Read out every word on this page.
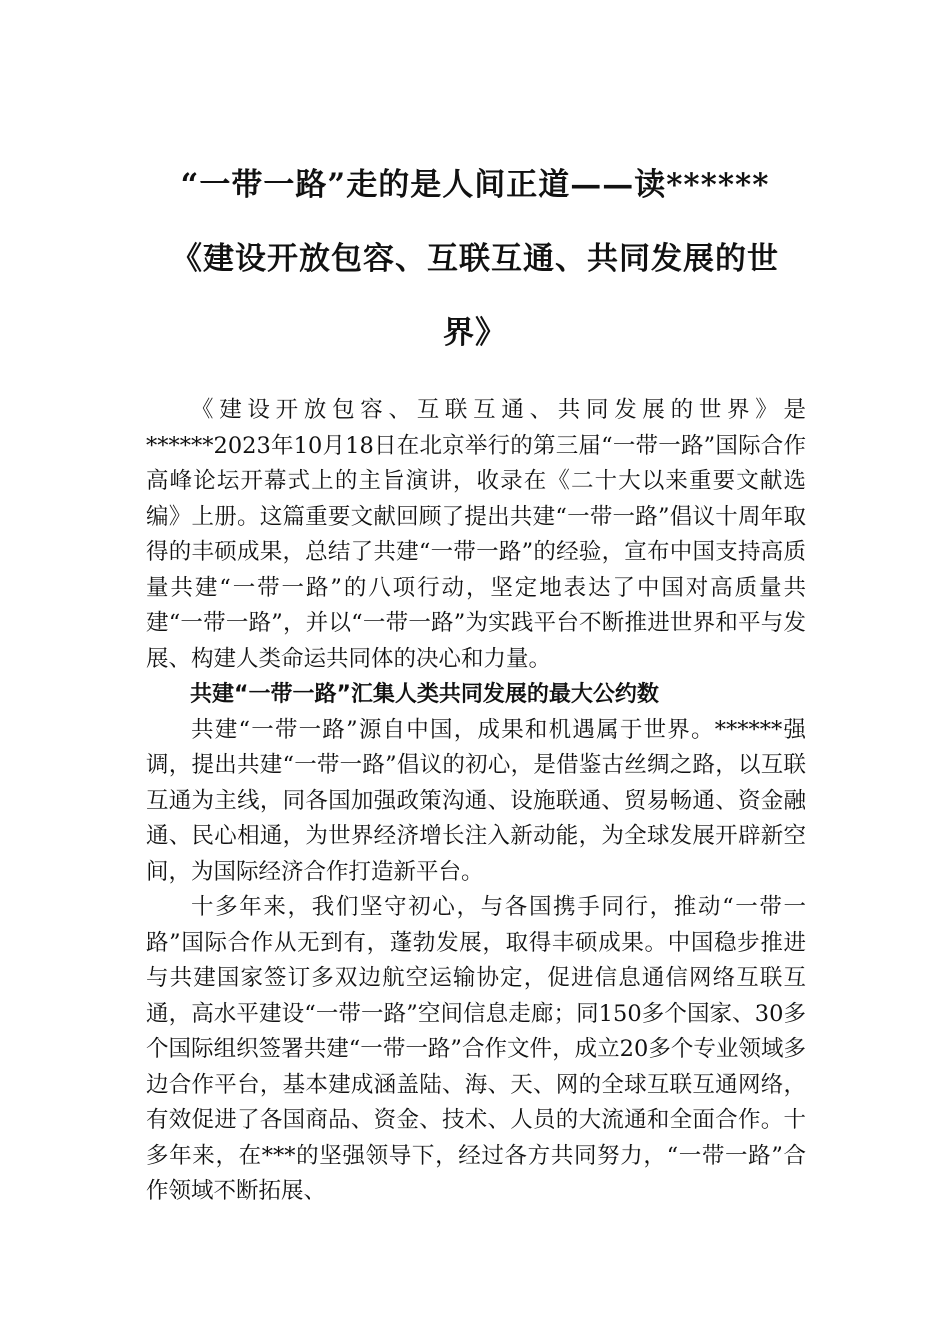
“一带一路”走的是人间正道——读******
《建设开放包容、互联互通、共同发展的世
界》

《建设开放包容、互联互通、共同发展的世界》是******2023年10月18日在北京举行的第三届“一带一路”国际合作高峰论坛开幕式上的主旨演讲，收录在《二十大以来重要文献选编》上册。这篇重要文献回顾了提出共建“一带一路”倡议十周年取得的丰硕成果，总结了共建“一带一路”的经验，宣布中国支持高质量共建“一带一路”的八项行动，坚定地表达了中国对高质量共建“一带一路”，并以“一带一路”为实践平台不断推进世界和平与发展、构建人类命运共同体的决心和力量。

共建“一带一路”汇集人类共同发展的最大公约数

共建“一带一路”源自中国，成果和机遇属于世界。******强调，提出共建“一带一路”倡议的初心，是借鉴古丝绸之路，以互联互通为主线，同各国加强政策沟通、设施联通、贸易畅通、资金融通、民心相通，为世界经济增长注入新动能，为全球发展开辟新空间，为国际经济合作打造新平台。

十多年来，我们坚守初心，与各国携手同行，推动“一带一路”国际合作从无到有，蓬勃发展，取得丰硕成果。中国稳步推进与共建国家签订多双边航空运输协定，促进信息通信网络互联互通，高水平建设“一带一路”空间信息走廊；同150多个国家、30多个国际组织签署共建“一带一路”合作文件，成立20多个专业领域多边合作平台，基本建成涵盖陆、海、天、网的全球互联互通网络，有效促进了各国商品、资金、技术、人员的大流通和全面合作。十多年来，在***的坚强领导下，经过各方共同努力，“一带一路”合作领域不断拓展、
